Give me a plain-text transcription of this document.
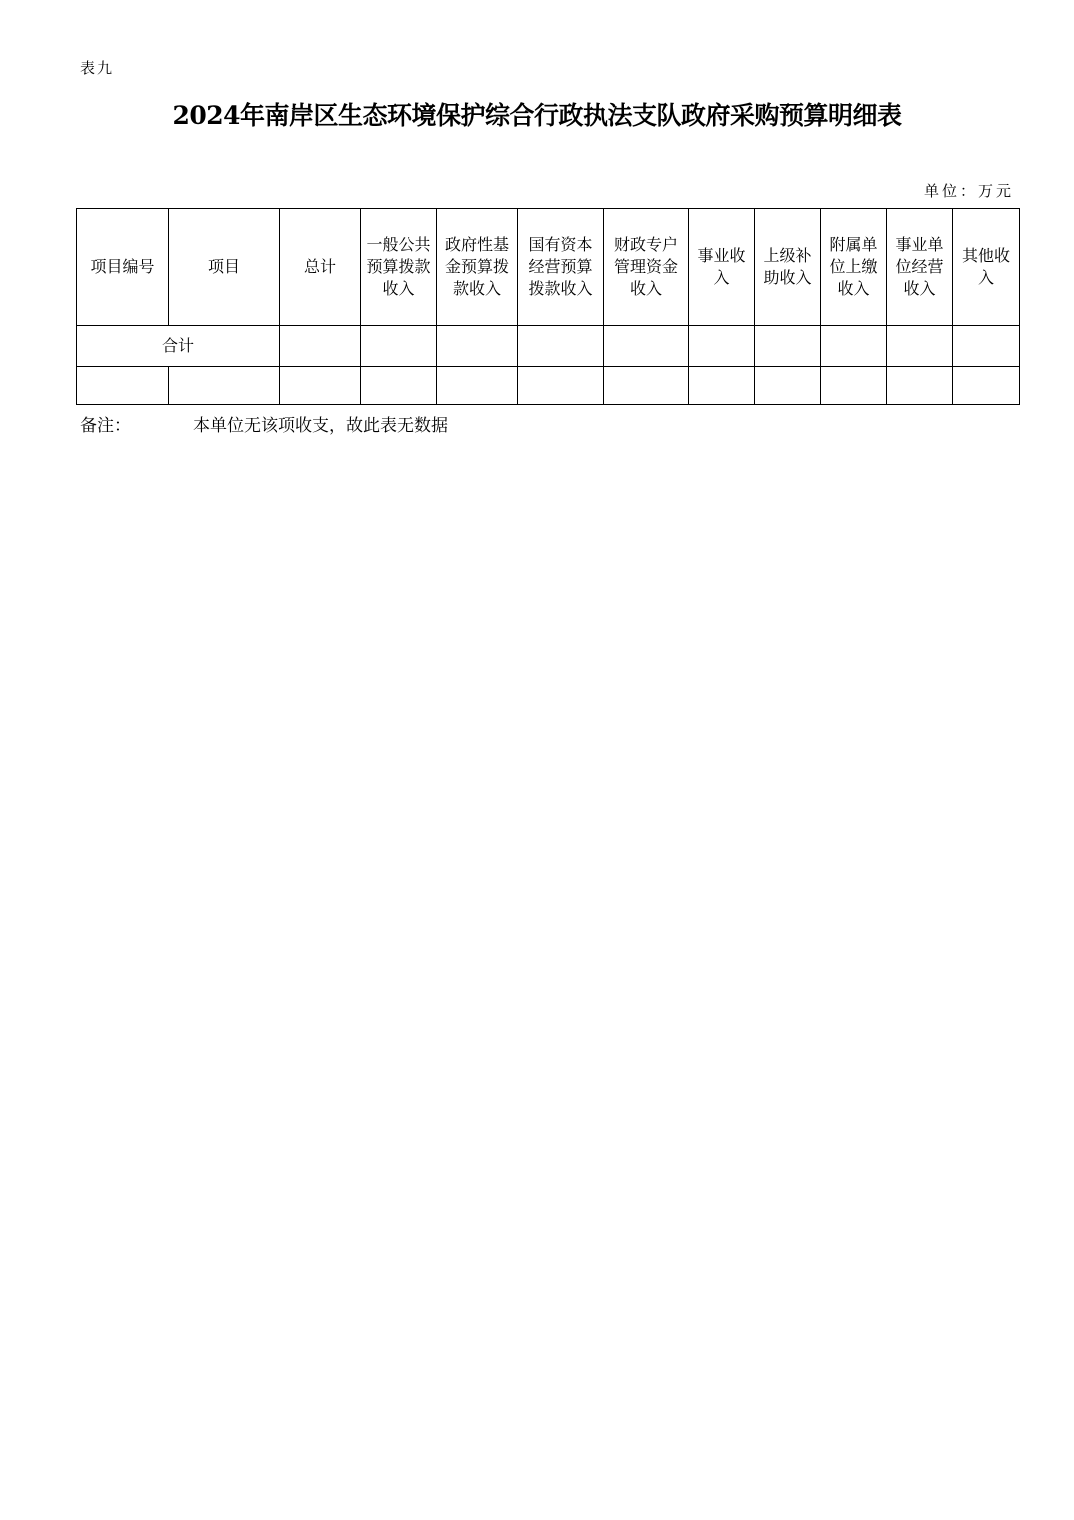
表九
2024年南岸区生态环境保护综合行政执法支队政府采购预算明细表
单位：万元
项目编号	项目	总计	一般公共预算拨款收入	政府性基金预算拨款收入	国有资本经营预算拨款收入	财政专户管理资金收入	事业收入	上级补助收入	附属单位上缴收入	事业单位经营收入	其他收入
合计											

备注：	本单位无该项收支，故此表无数据
